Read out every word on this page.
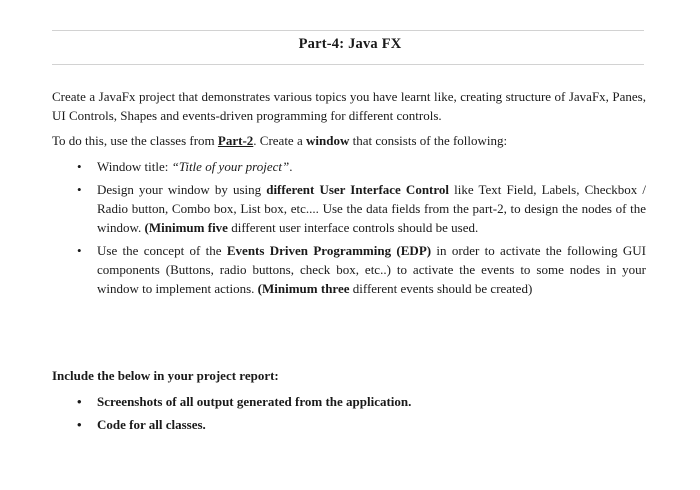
Part-4: Java FX
Create a JavaFx project that demonstrates various topics you have learnt like, creating structure of JavaFx, Panes, UI Controls, Shapes and events-driven programming for different controls.
To do this, use the classes from Part-2. Create a window that consists of the following:
• Window title: “Title of your project”.
• Design your window by using different User Interface Control like Text Field, Labels, Checkbox / Radio button, Combo box, List box, etc.... Use the data fields from the part-2, to design the nodes of the window. (Minimum five different user interface controls should be used.
• Use the concept of the Events Driven Programming (EDP) in order to activate the following GUI components (Buttons, radio buttons, check box, etc..) to activate the events to some nodes in your window to implement actions. (Minimum three different events should be created)
Include the below in your project report:
• Screenshots of all output generated from the application.
• Code for all classes.
